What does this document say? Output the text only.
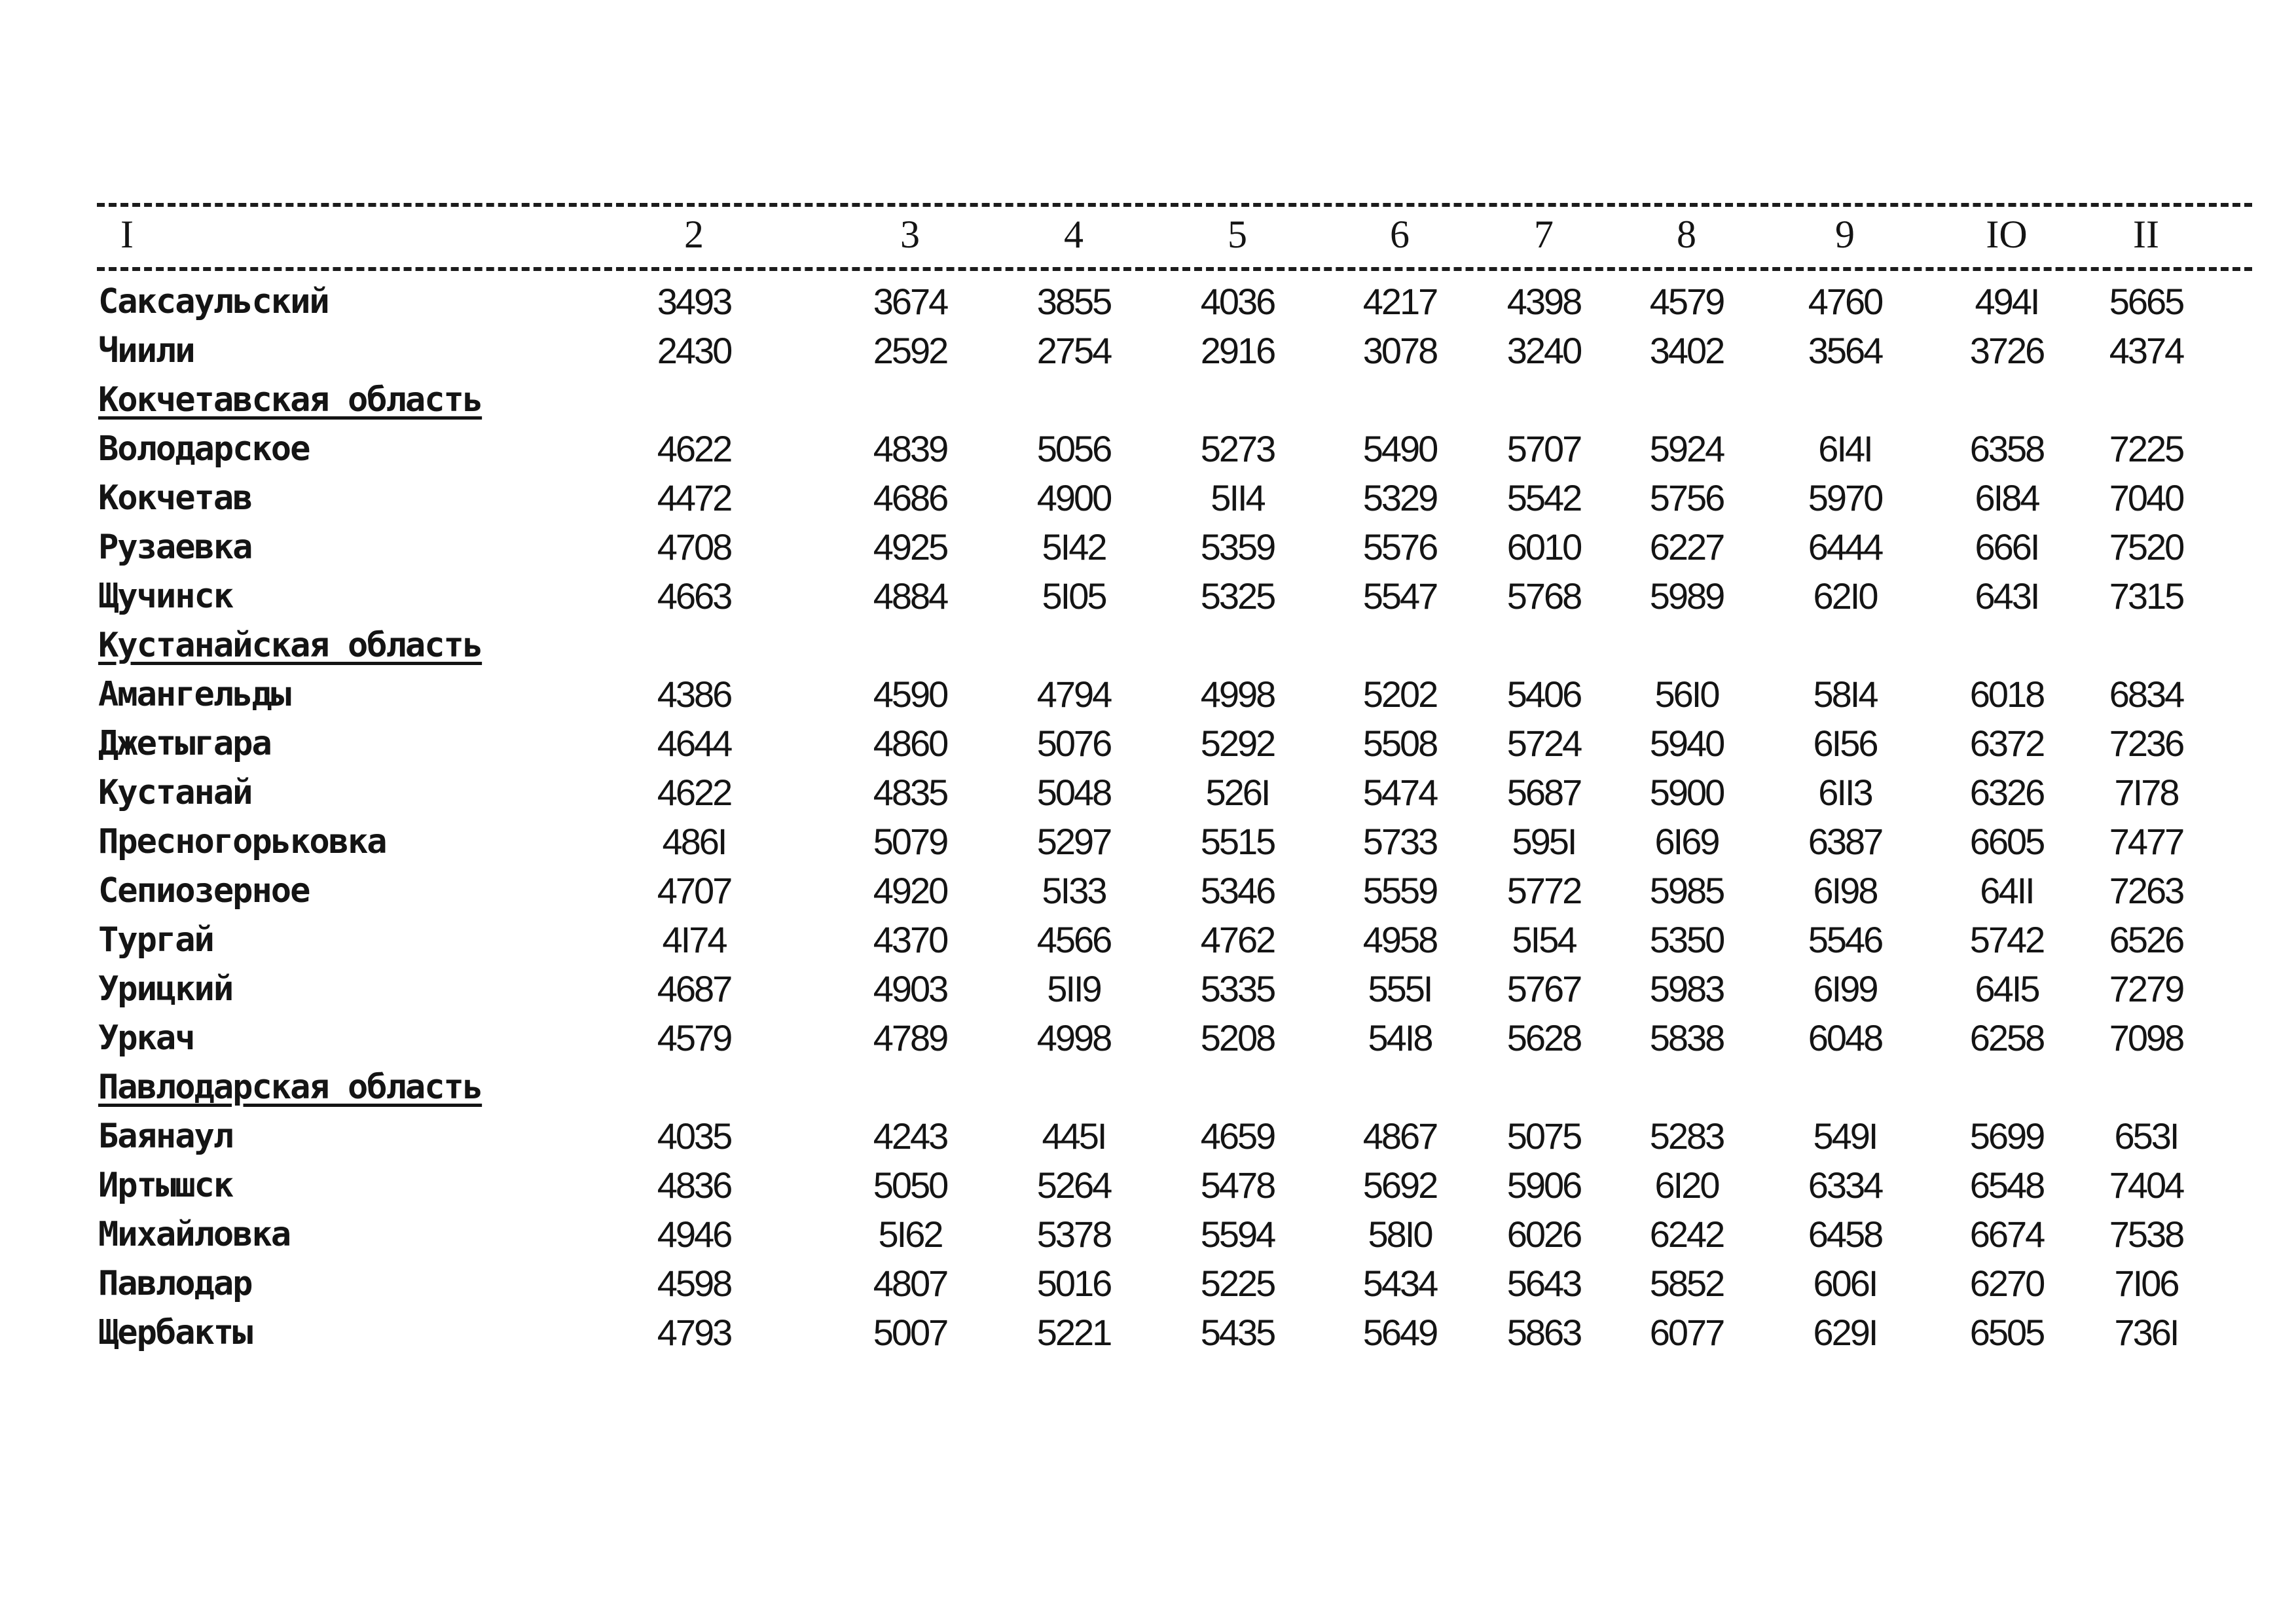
I	2	3	4	5	6	7	8	9	IO	II
Саксаульский	3493	3674	3855	4036	4217	4398	4579	4760	494I	5665
Чиили	2430	2592	2754	2916	3078	3240	3402	3564	3726	4374
Кокчетавская область
Володарское	4622	4839	5056	5273	5490	5707	5924	6I4I	6358	7225
Кокчетав	4472	4686	4900	5II4	5329	5542	5756	5970	6I84	7040
Рузаевка	4708	4925	5I42	5359	5576	6010	6227	6444	666I	7520
Щучинск	4663	4884	5I05	5325	5547	5768	5989	62I0	643I	7315
Кустанайская область
Амангельды	4386	4590	4794	4998	5202	5406	56I0	58I4	6018	6834
Джетыгара	4644	4860	5076	5292	5508	5724	5940	6I56	6372	7236
Кустанай	4622	4835	5048	526I	5474	5687	5900	6II3	6326	7I78
Пресногорьковка	486I	5079	5297	5515	5733	595I	6I69	6387	6605	7477
Сепиозерное	4707	4920	5I33	5346	5559	5772	5985	6I98	64II	7263
Тургай	4I74	4370	4566	4762	4958	5I54	5350	5546	5742	6526
Урицкий	4687	4903	5II9	5335	555I	5767	5983	6I99	64I5	7279
Уркач	4579	4789	4998	5208	54I8	5628	5838	6048	6258	7098
Павлодарская область
Баянаул	4035	4243	445I	4659	4867	5075	5283	549I	5699	653I
Иртышск	4836	5050	5264	5478	5692	5906	6I20	6334	6548	7404
Михайловка	4946	5I62	5378	5594	58I0	6026	6242	6458	6674	7538
Павлодар	4598	4807	5016	5225	5434	5643	5852	606I	6270	7I06
Щербакты	4793	5007	5221	5435	5649	5863	6077	629I	6505	736I
